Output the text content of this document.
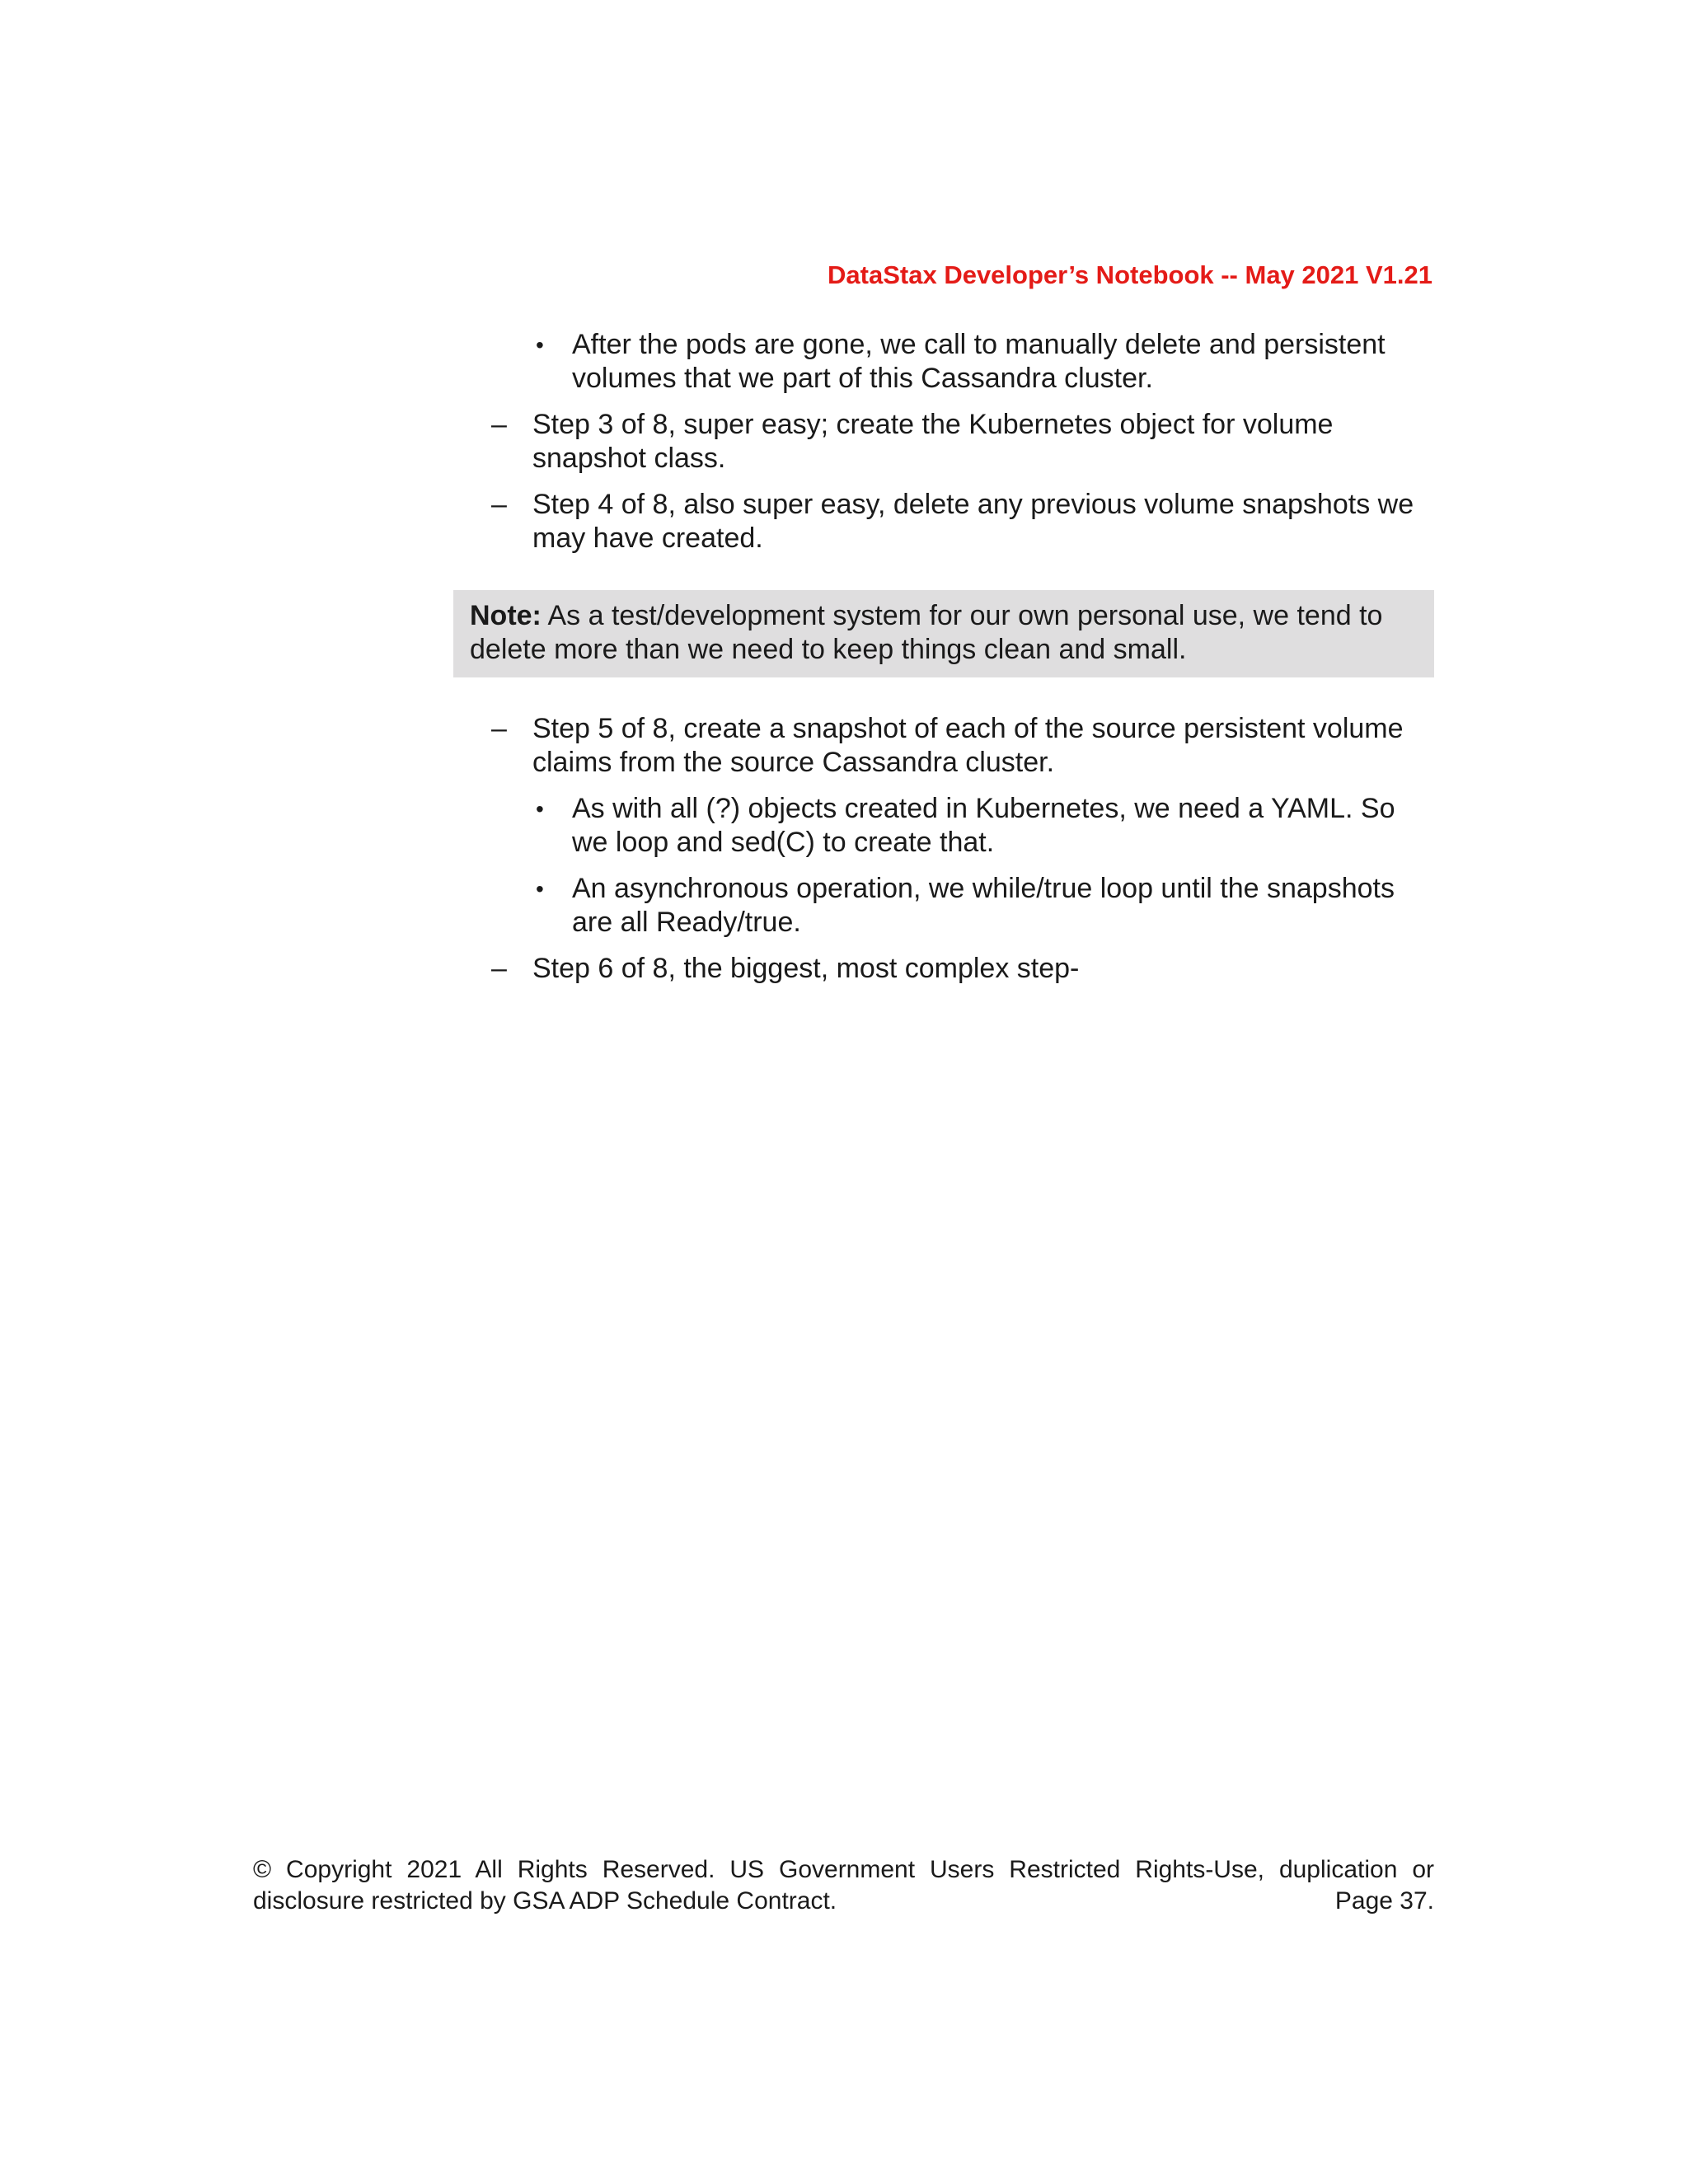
DataStax Developer’s Notebook -- May 2021 V1.21
• After the pods are gone, we call to manually delete and persistent volumes that we part of this Cassandra cluster.
– Step 3 of 8, super easy; create the Kubernetes object for volume snapshot class.
– Step 4 of 8, also super easy, delete any previous volume snapshots we may have created.
Note: As a test/development system for our own personal use, we tend to delete more than we need to keep things clean and small.
– Step 5 of 8, create a snapshot of each of the source persistent volume claims from the source Cassandra cluster.
• As with all (?) objects created in Kubernetes, we need a YAML. So we loop and sed(C) to create that.
• An asynchronous operation, we while/true loop until the snapshots are all Ready/true.
– Step 6 of 8, the biggest, most complex step-
© Copyright 2021 All Rights Reserved. US Government Users Restricted Rights-Use, duplication or
disclosure restricted by GSA ADP Schedule Contract.	Page 37.
